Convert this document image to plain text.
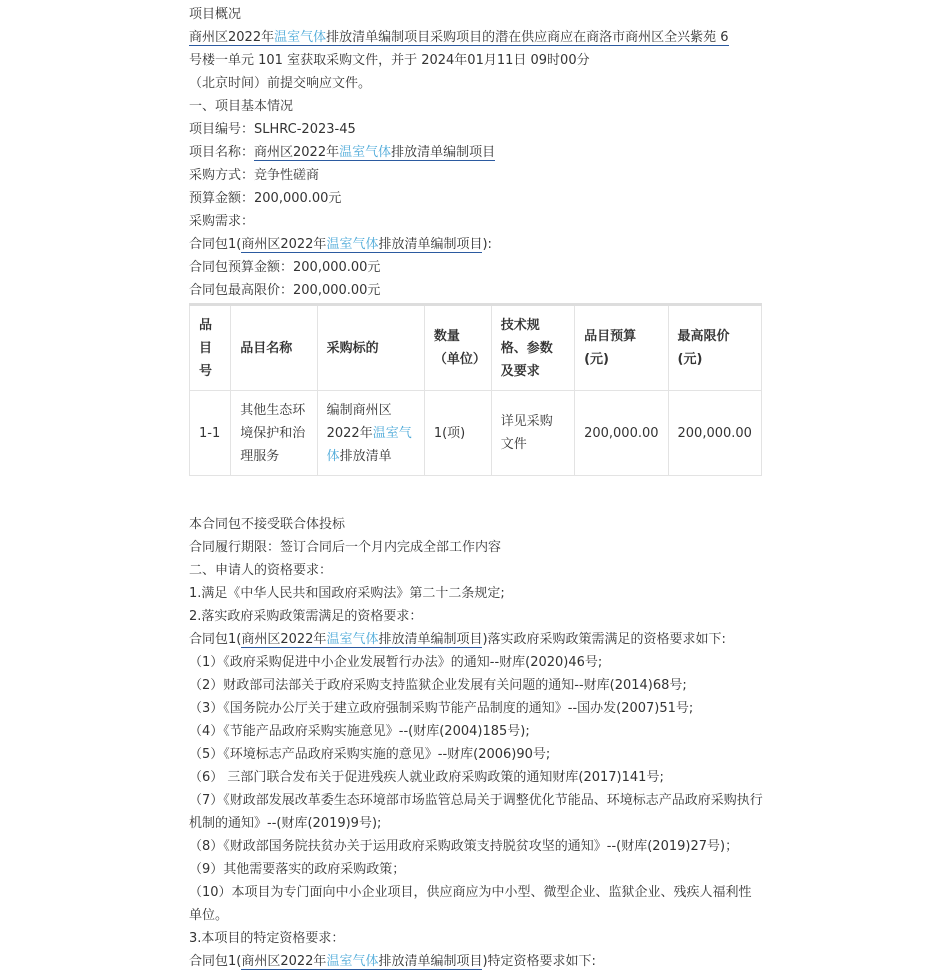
项目概况
商州区2022年温室气体排放清单编制项目采购项目的潜在供应商应在商洛市商州区全兴紫苑 6
号楼一单元 101 室获取采购文件，并于 2024年01月11日 09时00分
（北京时间）前提交响应文件。
一、项目基本情况
项目编号：SLHRC-2023-45
项目名称：商州区2022年温室气体排放清单编制项目
采购方式：竞争性磋商
预算金额：200,000.00元
采购需求：
合同包1(商州区2022年温室气体排放清单编制项目):
合同包预算金额：200,000.00元
合同包最高限价：200,000.00元
品目号	品目名称	采购标的	数量（单位）	技术规格、参数及要求	品目预算(元)	最高限价(元)
1-1	其他生态环境保护和治理服务	编制商州区2022年温室气体排放清单	1(项)	详见采购文件	200,000.00	200,000.00
本合同包不接受联合体投标
合同履行期限：签订合同后一个月内完成全部工作内容
二、申请人的资格要求：
1.满足《中华人民共和国政府采购法》第二十二条规定;
2.落实政府采购政策需满足的资格要求：
合同包1(商州区2022年温室气体排放清单编制项目)落实政府采购政策需满足的资格要求如下:
（1）《政府采购促进中小企业发展暂行办法》的通知--财库(2020)46号;
（2）财政部司法部关于政府采购支持监狱企业发展有关问题的通知--财库(2014)68号;
（3）《国务院办公厅关于建立政府强制采购节能产品制度的通知》--国办发(2007)51号;
（4）《节能产品政府采购实施意见》--(财库(2004)185号);
（5）《环境标志产品政府采购实施的意见》--财库(2006)90号;
（6） 三部门联合发布关于促进残疾人就业政府采购政策的通知财库(2017)141号;
（7）《财政部发展改革委生态环境部市场监管总局关于调整优化节能品、环境标志产品政府采购执行机制的通知》--(财库(2019)9号);
（8）《财政部国务院扶贫办关于运用政府采购政策支持脱贫攻坚的通知》--(财库(2019)27号)；
（9）其他需要落实的政府采购政策；
（10）本项目为专门面向中小企业项目，供应商应为中小型、微型企业、监狱企业、残疾人福利性单位。
3.本项目的特定资格要求：
合同包1(商州区2022年温室气体排放清单编制项目)特定资格要求如下:
